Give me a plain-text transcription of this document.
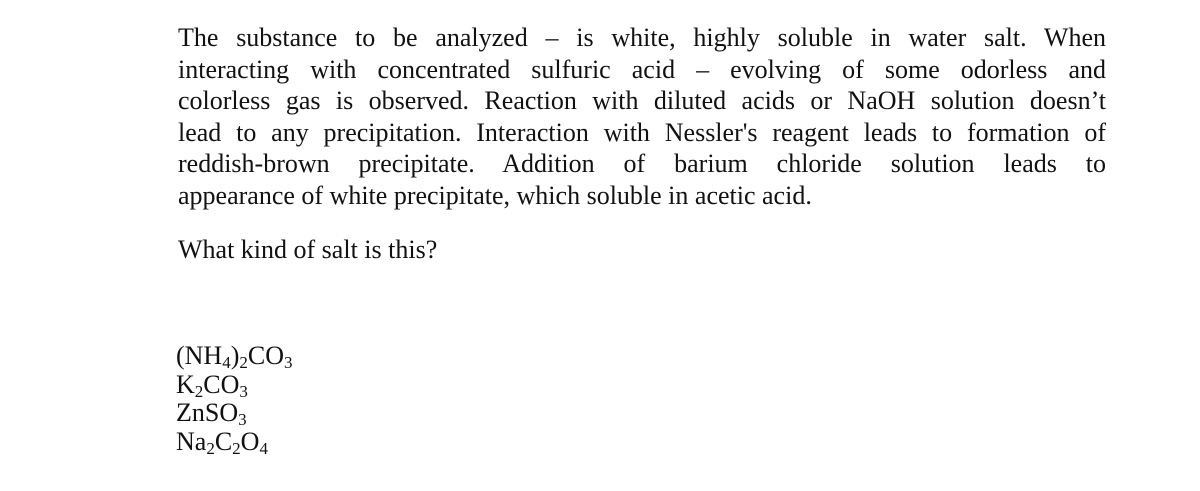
The substance to be analyzed – is white, highly soluble in water salt. When
interacting with concentrated sulfuric acid – evolving of some odorless and
colorless gas is observed. Reaction with diluted acids or NaOH solution doesn’t
lead to any precipitation. Interaction with Nessler's reagent leads to formation of
reddish-brown precipitate. Addition of barium chloride solution leads to
appearance of white precipitate, which soluble in acetic acid.
What kind of salt is this?
$(NH_4)_2CO_3$
$K_2CO_3$
ZnSO$_3$
$Na_2C_2O_4$
